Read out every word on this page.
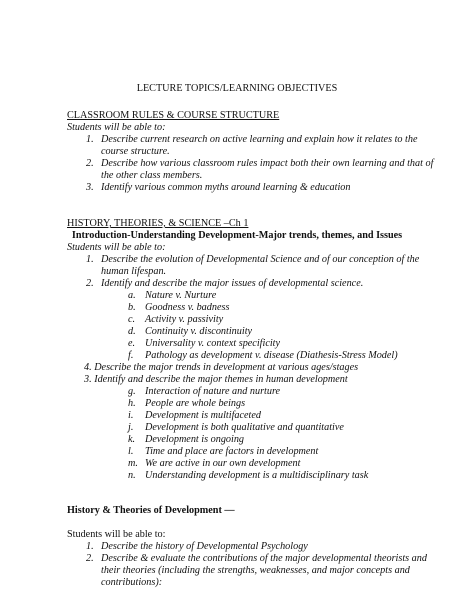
LECTURE TOPICS/LEARNING OBJECTIVES
CLASSROOM RULES & COURSE STRUCTURE
Students will be able to:
1. Describe current research on active learning and explain how it relates to the
course structure.
2. Describe how various classroom rules impact both their own learning and that of
the other class members.
3. Identify various common myths around learning & education
HISTORY, THEORIES, & SCIENCE –Ch 1
Introduction-Understanding Development-Major trends, themes, and Issues
Students will be able to:
1. Describe the evolution of Developmental Science and of our conception of the
human lifespan.
2. Identify and describe the major issues of developmental science.
a. Nature v. Nurture
b. Goodness v. badness
c. Activity v. passivity
d. Continuity v. discontinuity
e. Universality v. context specificity
f. Pathology as development v. disease (Diathesis-Stress Model)
4. Describe the major trends in development at various ages/stages
3. Identify and describe the major themes in human development
g. Interaction of nature and nurture
h. People are whole beings
i. Development is multifaceted
j. Development is both qualitative and quantitative
k. Development is ongoing
l. Time and place are factors in development
m. We are active in our own development
n. Understanding development is a multidisciplinary task
History & Theories of Development —
Students will be able to:
1. Describe the history of Developmental Psychology
2. Describe & evaluate the contributions of the major developmental theorists and
their theories (including the strengths, weaknesses, and major concepts and
contributions):
